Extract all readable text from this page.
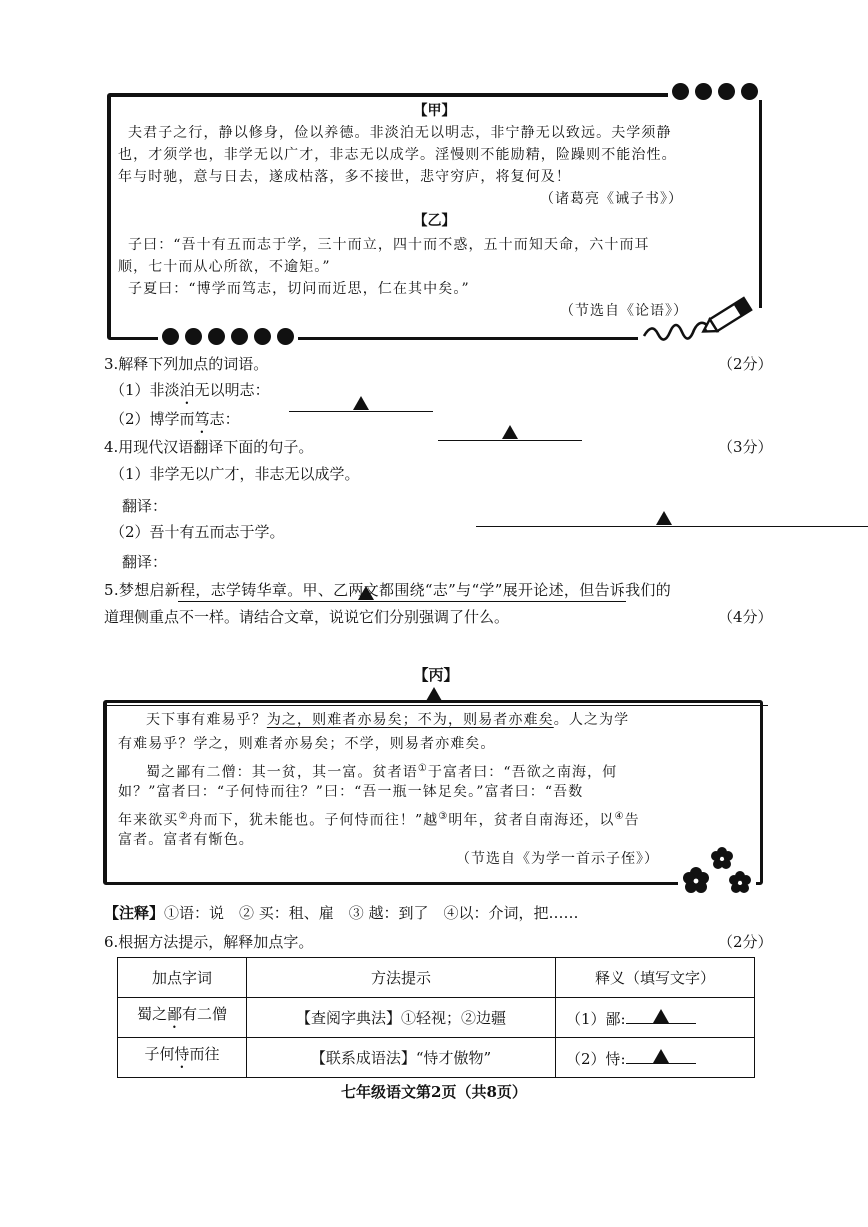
【甲】
夫君子之行，静以修身，俭以养德。非淡泊无以明志，非宁静无以致远。夫学须静
也，才须学也，非学无以广才，非志无以成学。淫慢则不能励精，险躁则不能治性。
年与时驰，意与日去，遂成枯落，多不接世，悲守穷庐，将复何及！
（诸葛亮《诫子书》）
【乙】
子曰：“吾十有五而志于学，三十而立，四十而不惑，五十而知天命，六十而耳
顺，七十而从心所欲，不逾矩。”
子夏曰：“博学而笃志，切问而近思，仁在其中矣。”
（节选自《论语》）
3.解释下列加点的词语。	（2分）
（1）非淡泊无以明志：

（2）博学而笃志：

4.用现代汉语翻译下面的句子。	（3分）
（1）非学无以广才，非志无以成学。
翻译：

（2）吾十有五而志于学。
翻译：

5.梦想启新程，志学铸华章。甲、乙两文都围绕“志”与“学”展开论述，但告诉我们的
道理侧重点不一样。请结合文章，说说它们分别强调了什么。	（4分）
【丙】
天下事有难易乎？为之，则难者亦易矣；不为，则易者亦难矣。人之为学
有难易乎？学之，则难者亦易矣；不学，则易者亦难矣。
蜀之鄙有二僧：其一贫，其一富。贫者语①于富者曰：“吾欲之南海，何
如？”富者曰：“子何恃而往？”曰：“吾一瓶一钵足矣。”富者曰：“吾数
年来欲买②舟而下，犹未能也。子何恃而往！”越③明年，贫者自南海还，以④告
富者。富者有惭色。
（节选自《为学一首示子侄》）
【注释】①语：说　② 买：租、雇　③ 越：到了　④以：介词，把……
6.根据方法提示，解释加点字。	（2分）
加点字词	方法提示	释义（填写文字）
蜀之鄙有二僧	【查阅字典法】①轻视；②边疆	（1）鄙:

子何恃而往	【联系成语法】“恃才傲物”	（2）恃:
七年级语文第2页（共8页）
